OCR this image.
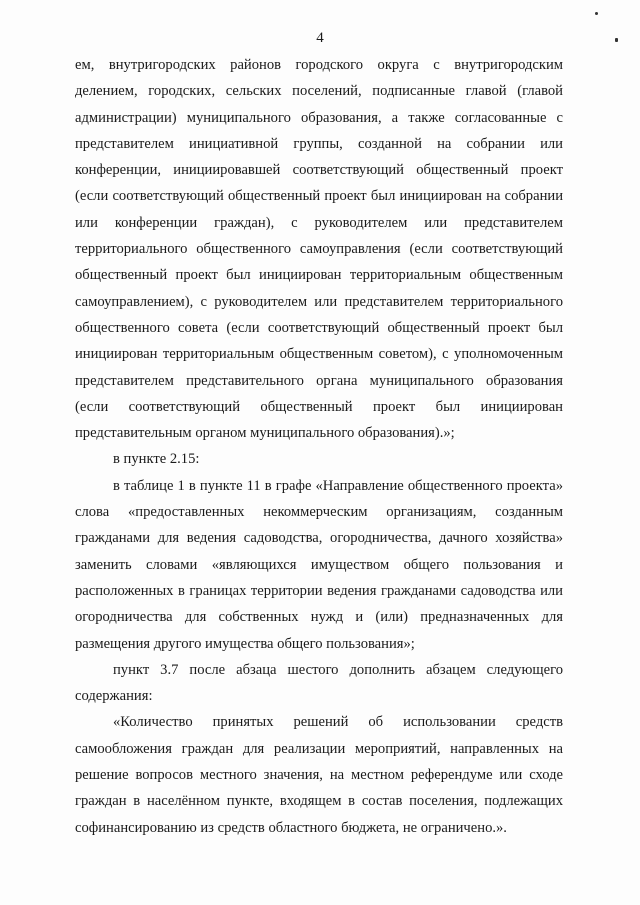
4

ем, внутригородских районов городского округа с внутригородским делением, городских, сельских поселений, подписанные главой (главой администрации) муниципального образования, а также согласованные с представителем инициативной группы, созданной на собрании или конференции, инициировавшей соответствующий общественный проект (если соответствующий общественный проект был инициирован на собрании или конференции граждан), с руководителем или представителем территориального общественного самоуправления (если соответствующий общественный проект был инициирован территориальным общественным самоуправлением), с руководителем или представителем территориального общественного совета (если соответствующий общественный проект был инициирован территориальным общественным советом), с уполномоченным представителем представительного органа муниципального образования (если соответствующий общественный проект был инициирован представительным органом муниципального образования).»;

в пункте 2.15:

в таблице 1 в пункте 11 в графе «Направление общественного проекта» слова «предоставленных некоммерческим организациям, созданным гражданами для ведения садоводства, огородничества, дачного хозяйства» заменить словами «являющихся имуществом общего пользования и расположенных в границах территории ведения гражданами садоводства или огородничества для собственных нужд и (или) предназначенных для размещения другого имущества общего пользования»;

пункт 3.7 после абзаца шестого дополнить абзацем следующего содержания:

«Количество принятых решений об использовании средств самообложения граждан для реализации мероприятий, направленных на решение вопросов местного значения, на местном референдуме или сходе граждан в населённом пункте, входящем в состав поселения, подлежащих софинансированию из средств областного бюджета, не ограничено.».
